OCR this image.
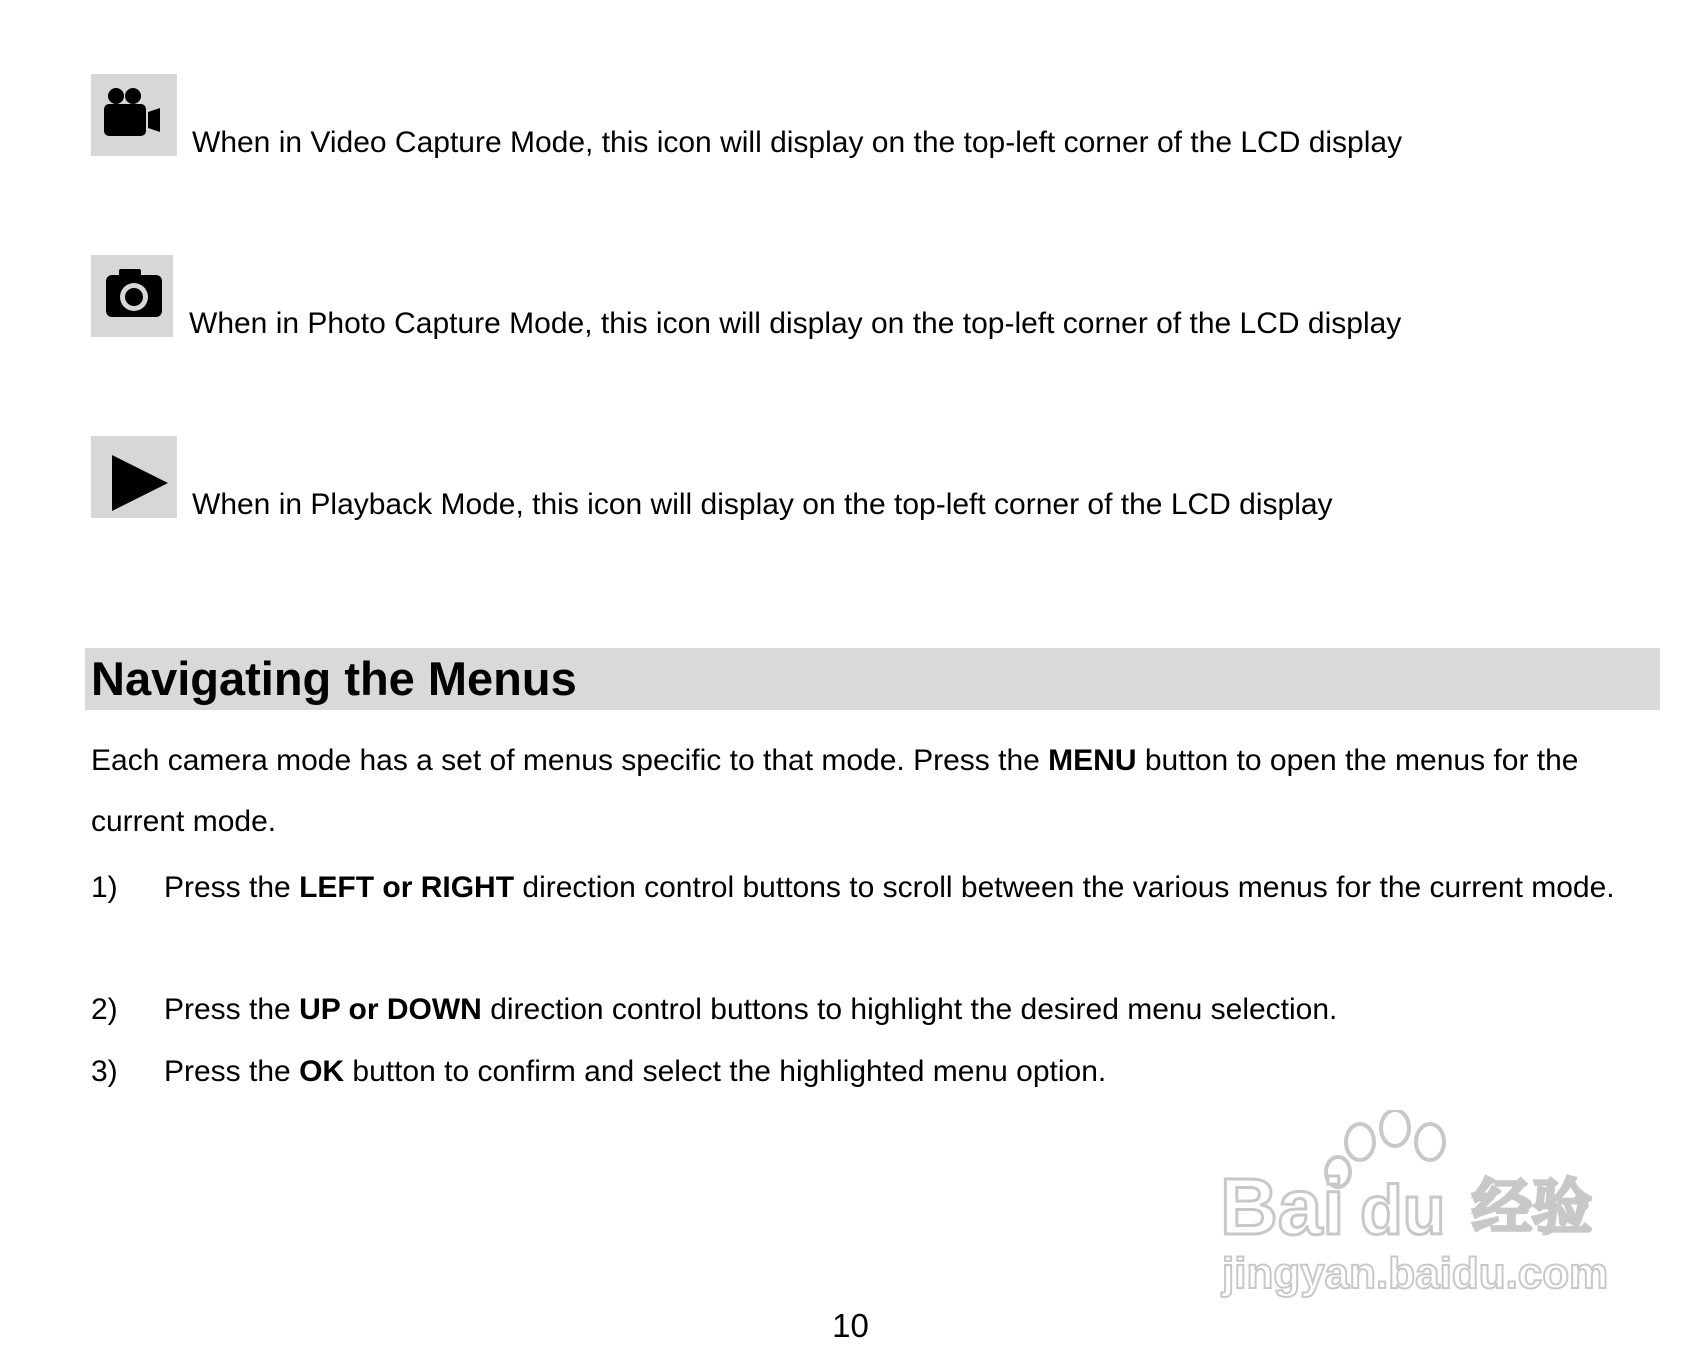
When in Video Capture Mode, this icon will display on the top-left corner of the LCD display
When in Photo Capture Mode, this icon will display on the top-left corner of the LCD display
When in Playback Mode, this icon will display on the top-left corner of the LCD display
Navigating the Menus
Each camera mode has a set of menus specific to that mode. Press the MENU button to open the menus for the current mode.
1)	Press the LEFT or RIGHT direction control buttons to scroll between the various menus for the current mode.
2)	Press the UP or DOWN direction control buttons to highlight the desired menu selection.
3)	Press the OK button to confirm and select the highlighted menu option.
Bai du 经验
jingyan.baidu.com
10
